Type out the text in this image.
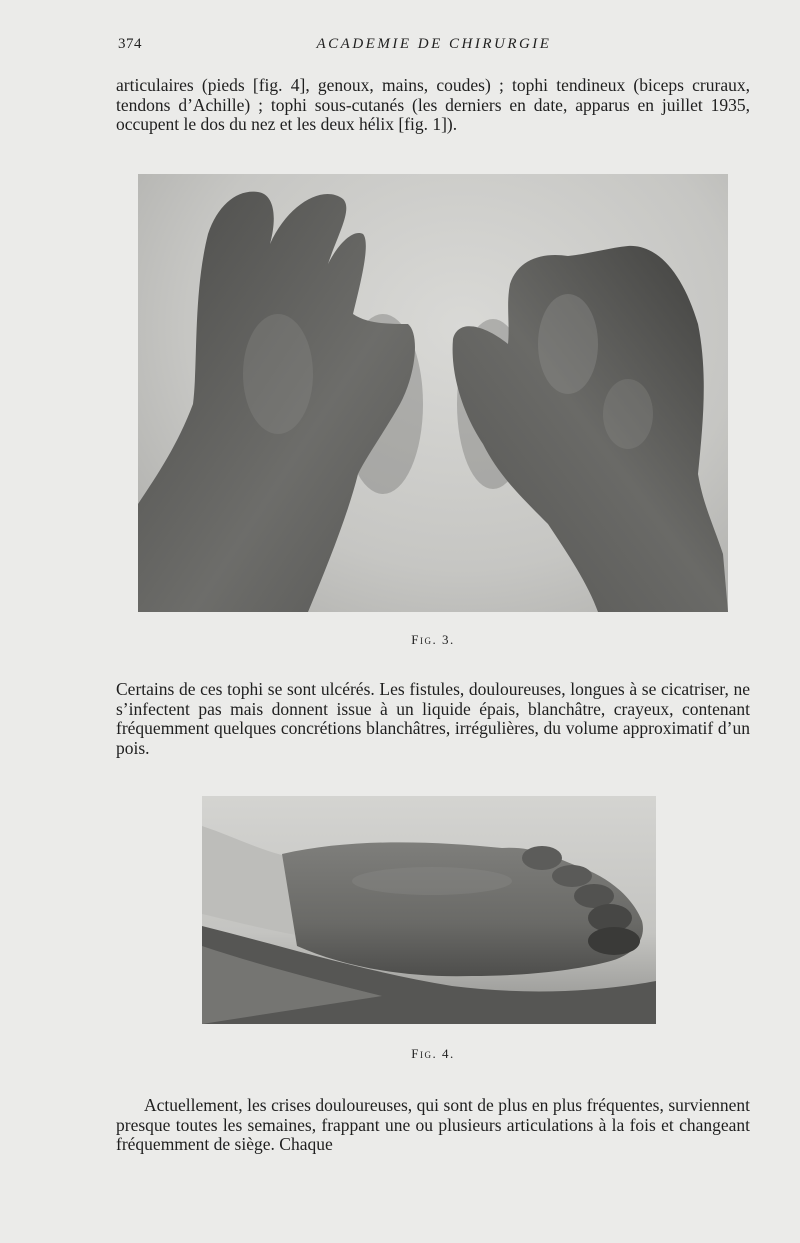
374	ACADEMIE DE CHIRURGIE

articulaires (pieds [fig. 4], genoux, mains, coudes) ; tophi tendineux (biceps cruraux, tendons d’Achille) ; tophi sous-cutanés (les derniers en date, apparus en juillet 1935, occupent le dos du nez et les deux hélix [fig. 1]).

Fig. 3.

Certains de ces tophi se sont ulcérés. Les fistules, douloureuses, longues à se cicatriser, ne s’infectent pas mais donnent issue à un liquide épais, blanchâtre, crayeux, contenant fréquemment quelques concrétions blanchâtres, irrégulières, du volume approximatif d’un pois.

Fig. 4.

Actuellement, les crises douloureuses, qui sont de plus en plus fréquentes, surviennent presque toutes les semaines, frappant une ou plusieurs articulations à la fois et changeant fréquemment de siège. Chaque
